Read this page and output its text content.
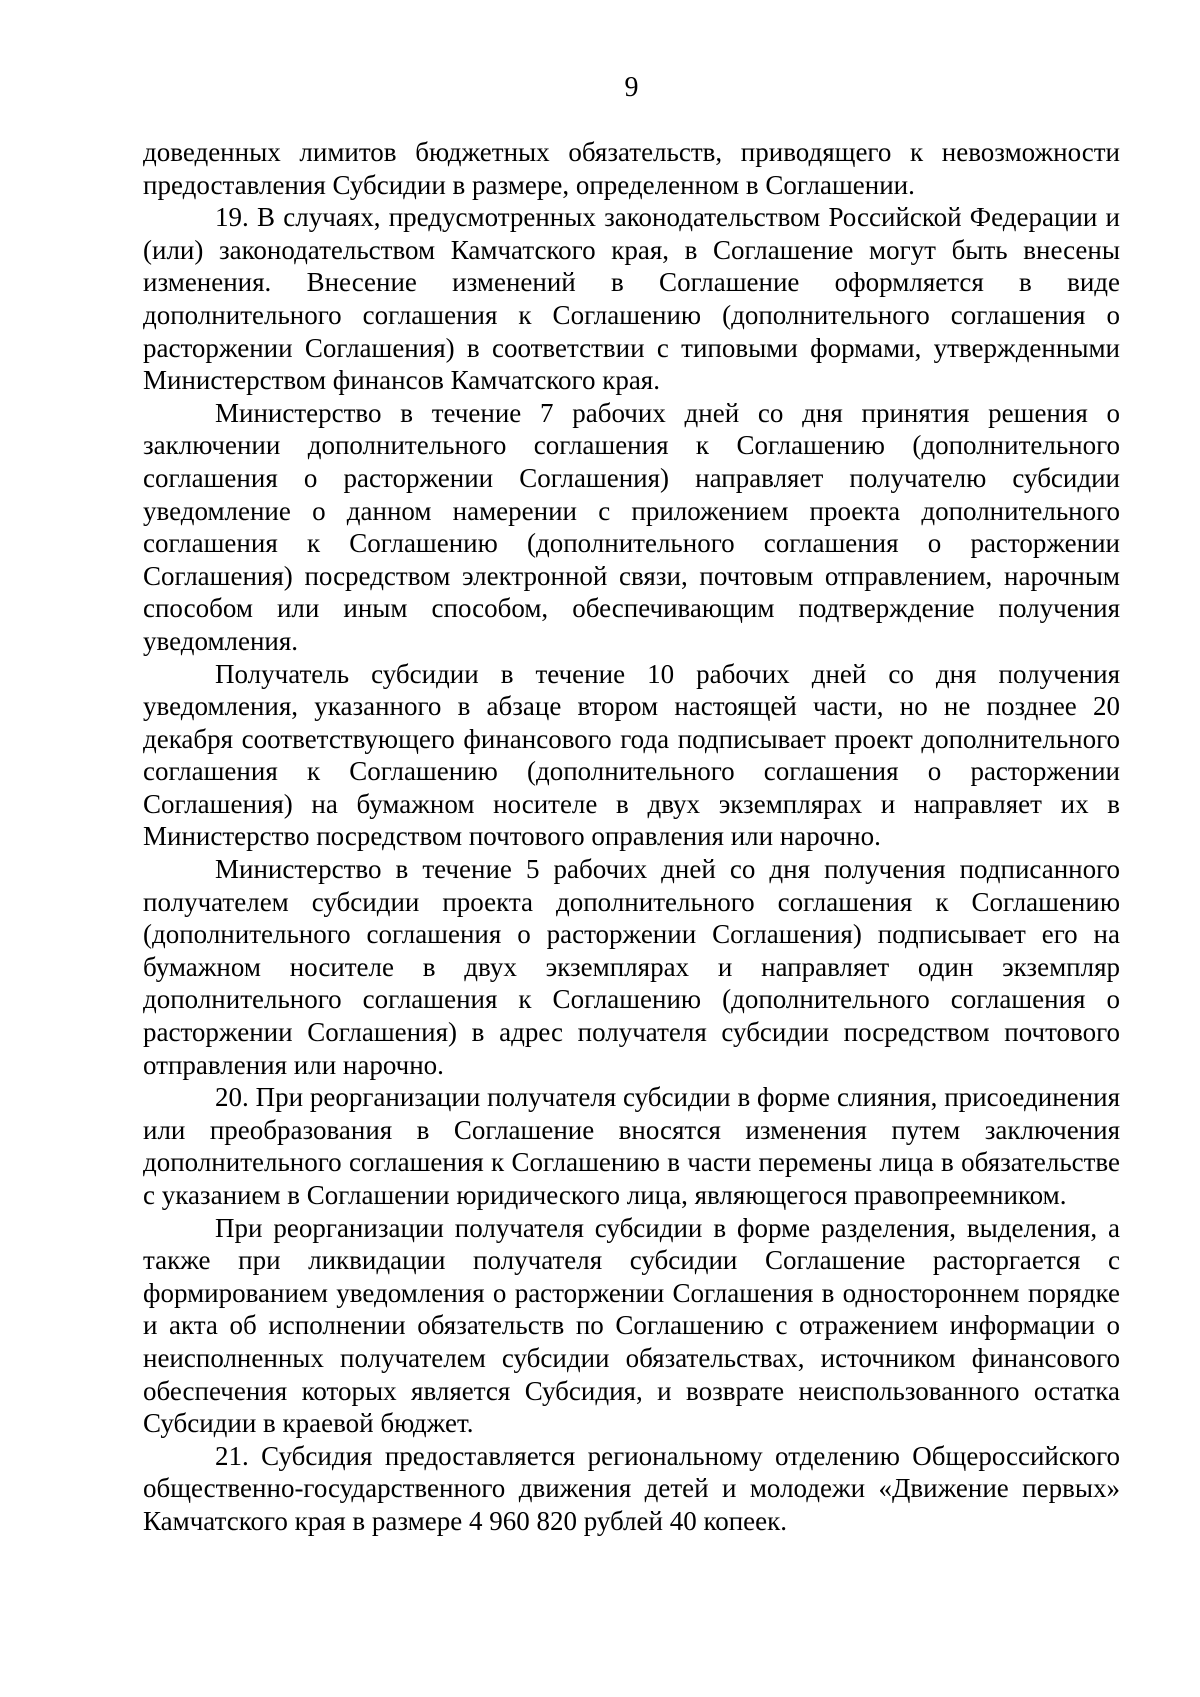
9

доведенных лимитов бюджетных обязательств, приводящего к невозможности предоставления Субсидии в размере, определенном в Соглашении.

19. В случаях, предусмотренных законодательством Российской Федерации и (или) законодательством Камчатского края, в Соглашение могут быть внесены изменения. Внесение изменений в Соглашение оформляется в виде дополнительного соглашения к Соглашению (дополнительного соглашения о расторжении Соглашения) в соответствии с типовыми формами, утвержденными Министерством финансов Камчатского края.

Министерство в течение 7 рабочих дней со дня принятия решения о заключении дополнительного соглашения к Соглашению (дополнительного соглашения о расторжении Соглашения) направляет получателю субсидии уведомление о данном намерении с приложением проекта дополнительного соглашения к Соглашению (дополнительного соглашения о расторжении Соглашения) посредством электронной связи, почтовым отправлением, нарочным способом или иным способом, обеспечивающим подтверждение получения уведомления.

Получатель субсидии в течение 10 рабочих дней со дня получения уведомления, указанного в абзаце втором настоящей части, но не позднее 20 декабря соответствующего финансового года подписывает проект дополнительного соглашения к Соглашению (дополнительного соглашения о расторжении Соглашения) на бумажном носителе в двух экземплярах и направляет их в Министерство посредством почтового оправления или нарочно.

Министерство в течение 5 рабочих дней со дня получения подписанного получателем субсидии проекта дополнительного соглашения к Соглашению (дополнительного соглашения о расторжении Соглашения) подписывает его на бумажном носителе в двух экземплярах и направляет один экземпляр дополнительного соглашения к Соглашению (дополнительного соглашения о расторжении Соглашения) в адрес получателя субсидии посредством почтового отправления или нарочно.

20. При реорганизации получателя субсидии в форме слияния, присоединения или преобразования в Соглашение вносятся изменения путем заключения дополнительного соглашения к Соглашению в части перемены лица в обязательстве с указанием в Соглашении юридического лица, являющегося правопреемником.

При реорганизации получателя субсидии в форме разделения, выделения, а также при ликвидации получателя субсидии Соглашение расторгается с формированием уведомления о расторжении Соглашения в одностороннем порядке и акта об исполнении обязательств по Соглашению с отражением информации о неисполненных получателем субсидии обязательствах, источником финансового обеспечения которых является Субсидия, и возврате неиспользованного остатка Субсидии в краевой бюджет.

21. Субсидия предоставляется региональному отделению Общероссийского общественно-государственного движения детей и молодежи «Движение первых» Камчатского края в размере 4 960 820 рублей 40 копеек.
